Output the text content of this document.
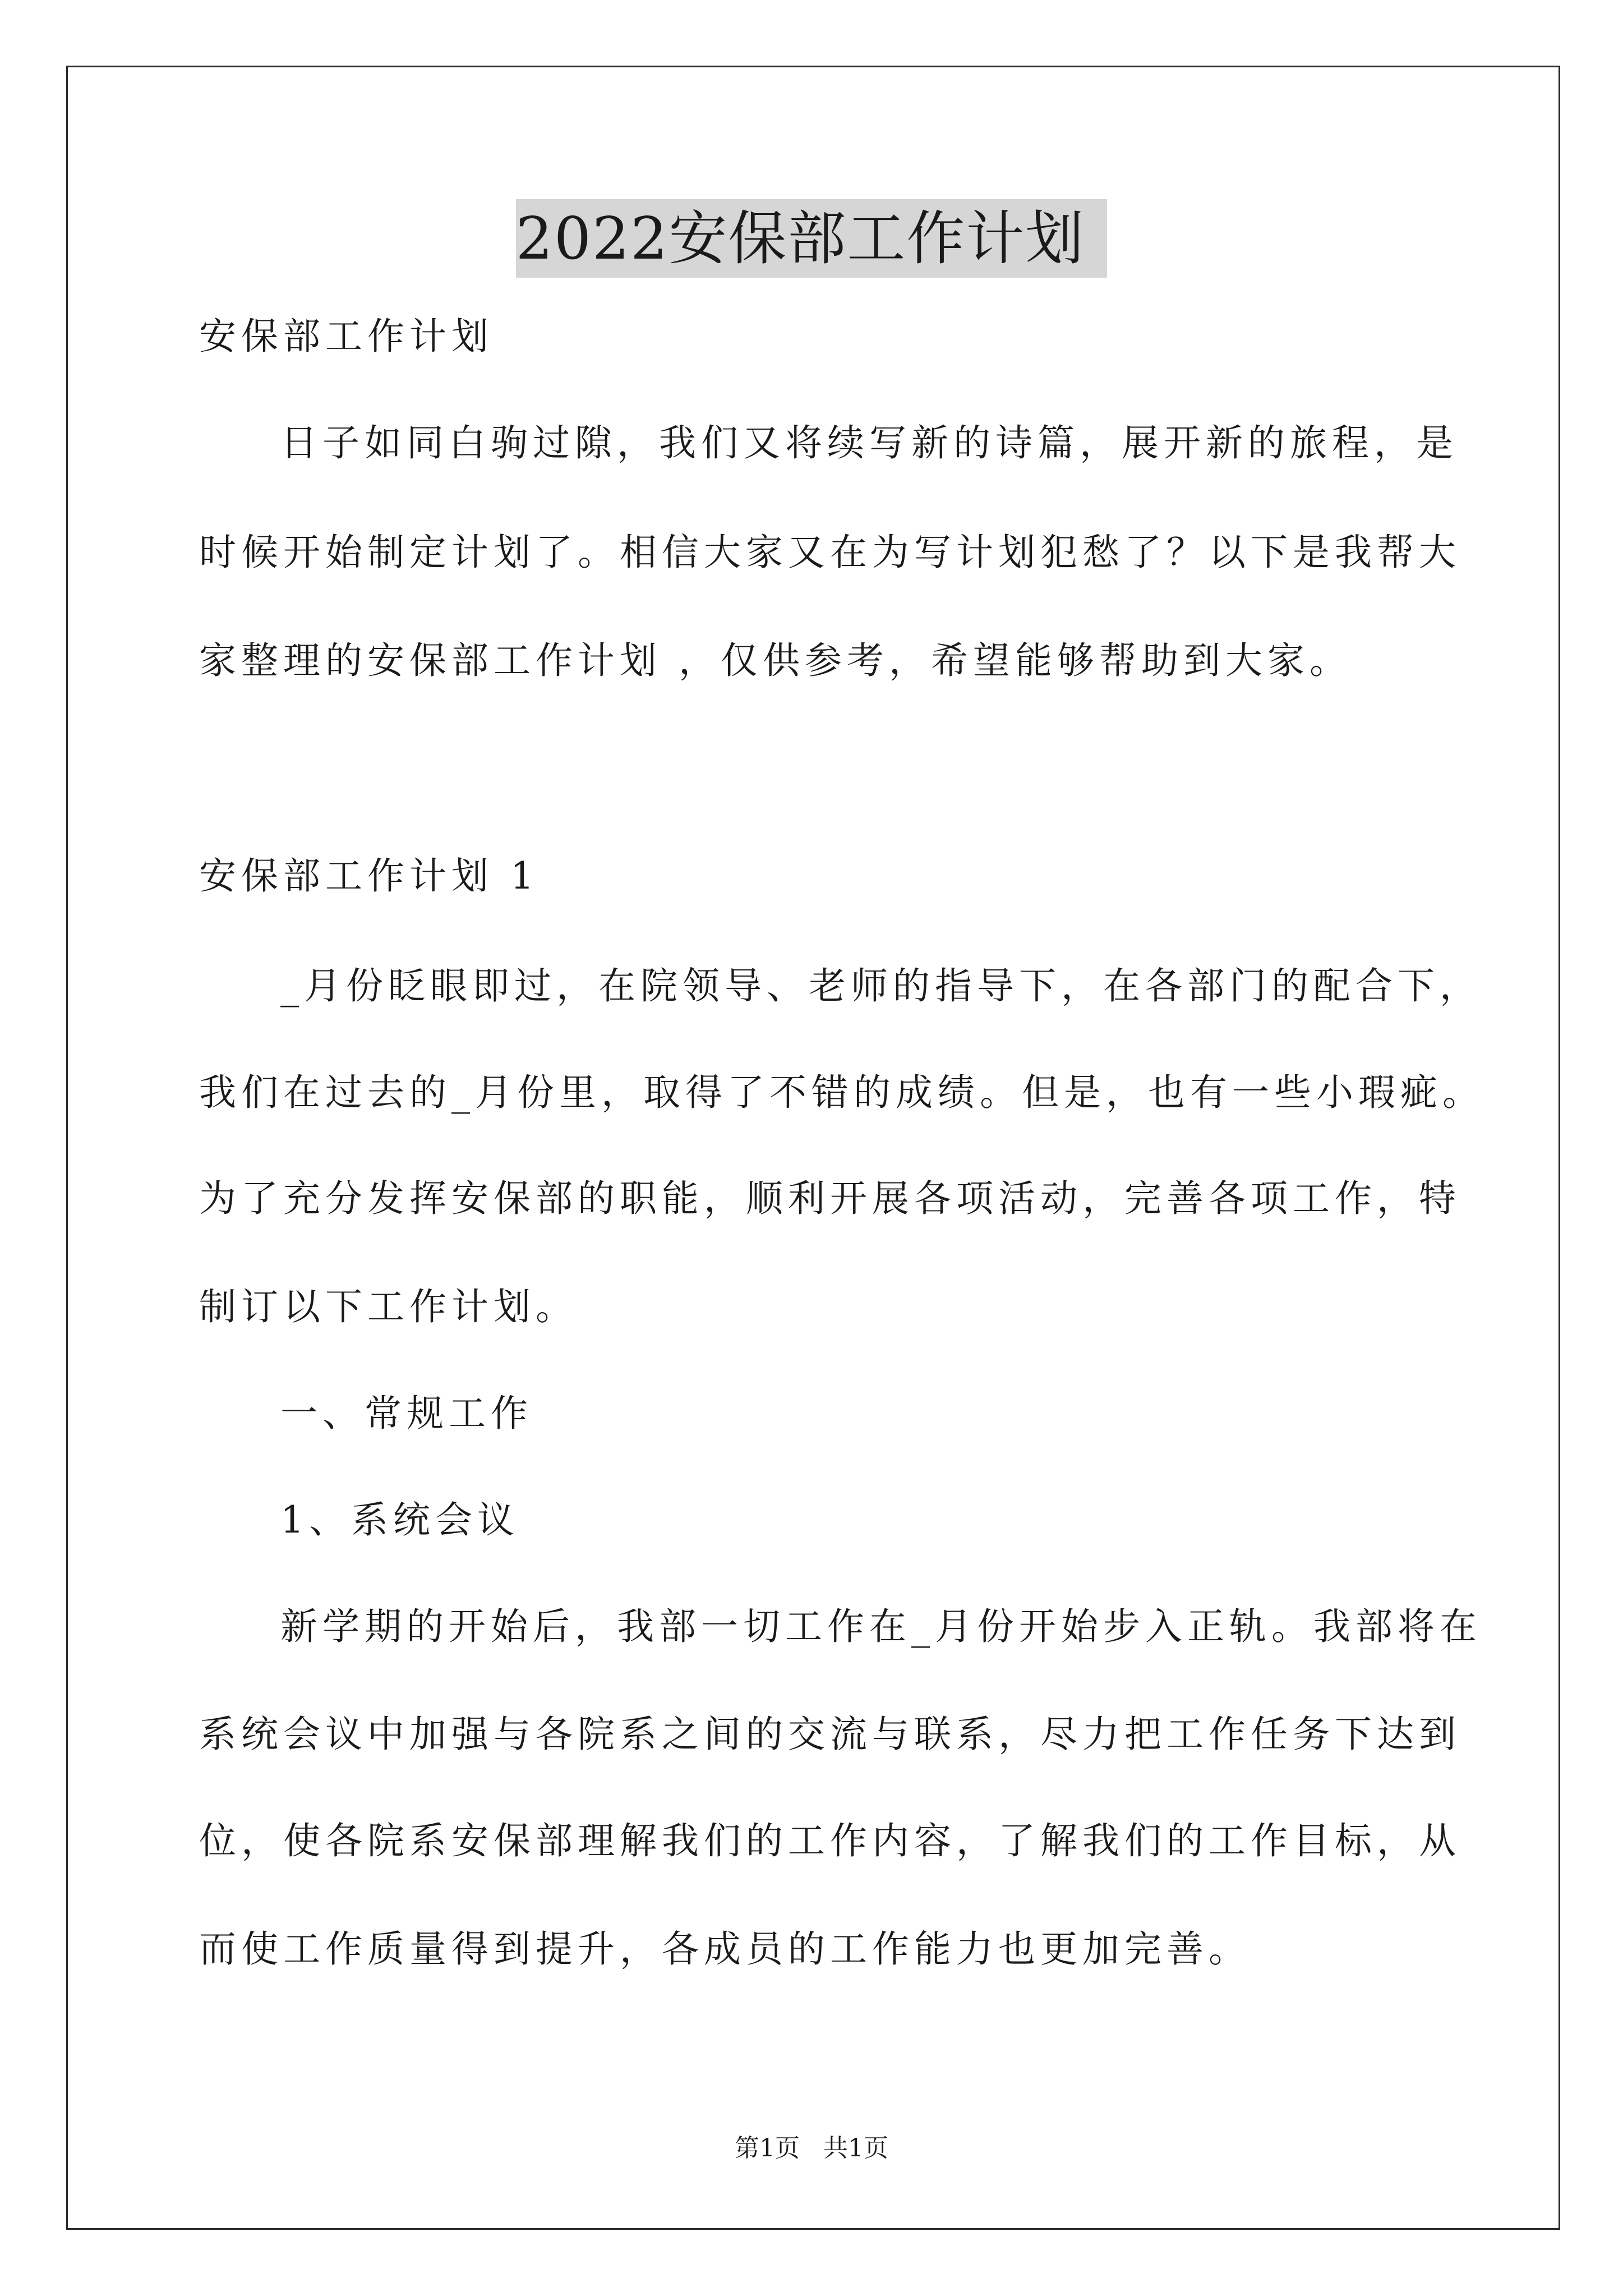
2022安保部工作计划

安保部工作计划

日子如同白驹过隙，我们又将续写新的诗篇，展开新的旅程，是

时候开始制定计划了。相信大家又在为写计划犯愁了？以下是我帮大

家整理的安保部工作计划 ，仅供参考，希望能够帮助到大家。

安保部工作计划 1

_月份眨眼即过，在院领导、老师的指导下，在各部门的配合下，

我们在过去的_月份里，取得了不错的成绩。但是，也有一些小瑕疵。

为了充分发挥安保部的职能，顺利开展各项活动，完善各项工作，特

制订以下工作计划。

一、常规工作

1、系统会议

新学期的开始后，我部一切工作在_月份开始步入正轨。我部将在

系统会议中加强与各院系之间的交流与联系，尽力把工作任务下达到

位，使各院系安保部理解我们的工作内容，了解我们的工作目标，从

而使工作质量得到提升，各成员的工作能力也更加完善。

第1页   共1页
